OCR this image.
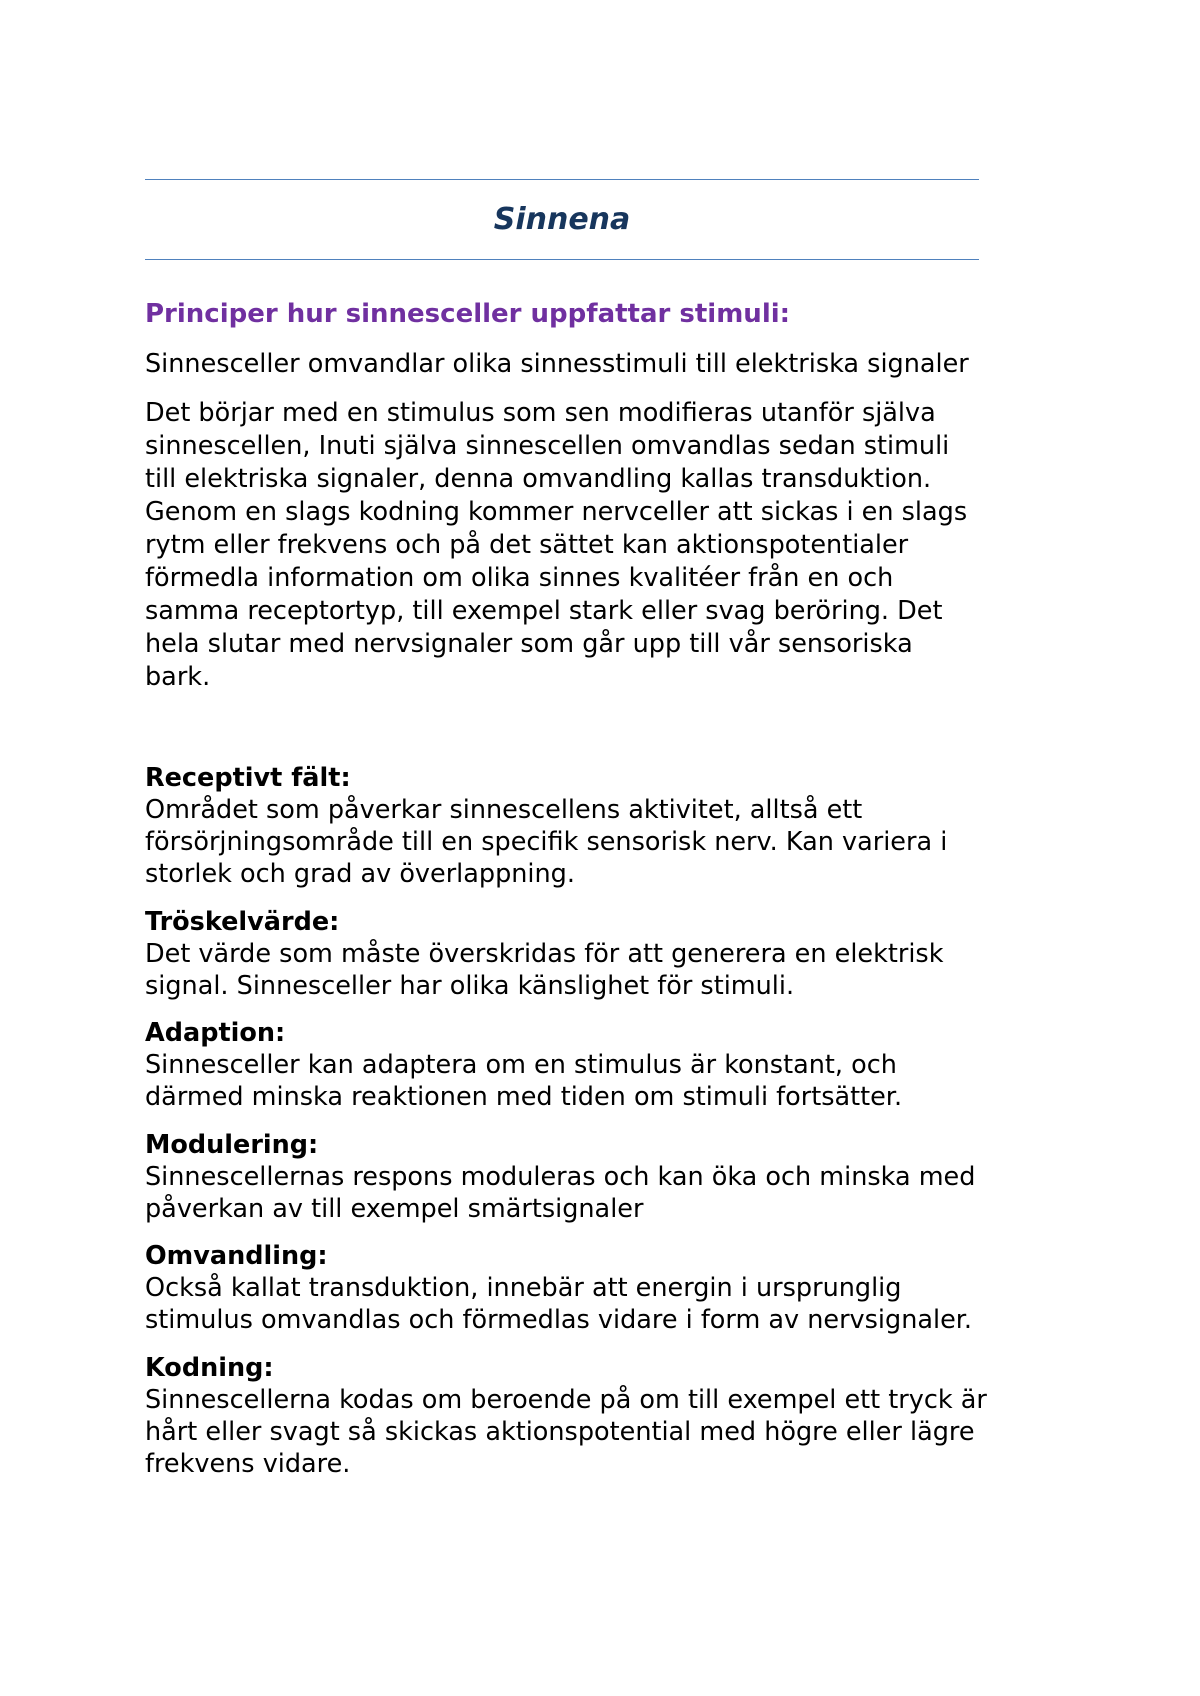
Sinnena
Principer hur sinnesceller uppfattar stimuli:

Sinnesceller omvandlar olika sinnesstimuli till elektriska signaler

Det börjar med en stimulus som sen modifieras utanför själva
sinnescellen, Inuti själva sinnescellen omvandlas sedan stimuli
till elektriska signaler, denna omvandling kallas transduktion.
Genom en slags kodning kommer nervceller att sickas i en slags
rytm eller frekvens och på det sättet kan aktionspotentialer
förmedla information om olika sinnes kvalitéer från en och
samma receptortyp, till exempel stark eller svag beröring. Det
hela slutar med nervsignaler som går upp till vår sensoriska
bark.

Receptivt fält:
Området som påverkar sinnescellens aktivitet, alltså ett
försörjningsområde till en specifik sensorisk nerv. Kan variera i
storlek och grad av överlappning.
Tröskelvärde:
Det värde som måste överskridas för att generera en elektrisk
signal. Sinnesceller har olika känslighet för stimuli.
Adaption:
Sinnesceller kan adaptera om en stimulus är konstant, och
därmed minska reaktionen med tiden om stimuli fortsätter.
Modulering:
Sinnescellernas respons moduleras och kan öka och minska med
påverkan av till exempel smärtsignaler
Omvandling:
Också kallat transduktion, innebär att energin i ursprunglig
stimulus omvandlas och förmedlas vidare i form av nervsignaler.
Kodning:
Sinnescellerna kodas om beroende på om till exempel ett tryck är
hårt eller svagt så skickas aktionspotential med högre eller lägre
frekvens vidare.
